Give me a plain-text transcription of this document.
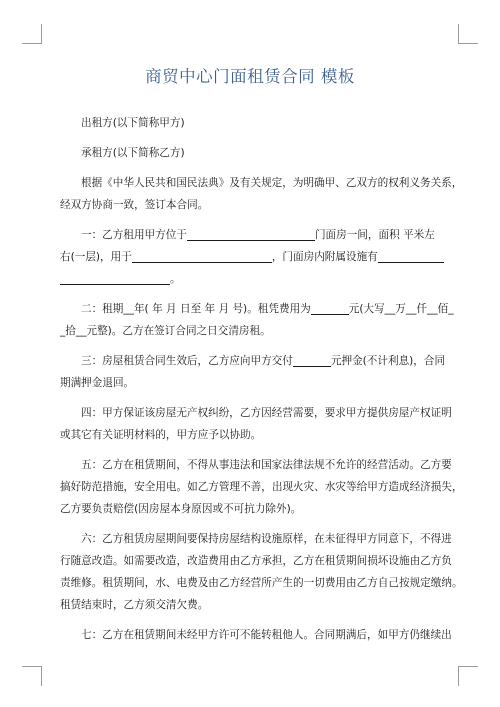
商贸中心门面租赁合同 模板
出租方(以下简称甲方)
承租方(以下简称乙方)
根据《中华人民共和国民法典》及有关规定，为明确甲、乙双方的权利义务关系，
经双方协商一致，签订本合同。
一：乙方租用甲方位于	门面房一间，面积 平米左
右(一层)，用于	，门面房内附属设施有
。
二：租期__年( 年 月 日至 年 月 号)。租凭费用为	元(大写__万__仟__佰_
_拾__元整)。乙方在签订合同之日交清房租。
三：房屋租赁合同生效后，乙方应向甲方交付	元押金(不计利息)，合同
期满押金退回。
四：甲方保证该房屋无产权纠纷，乙方因经营需要，要求甲方提供房屋产权证明
或其它有关证明材料的，甲方应予以协助。
五：乙方在租赁期间，不得从事违法和国家法律法规不允许的经营活动。乙方要
搞好防范措施，安全用电。如乙方管理不善，出现火灾、水灾等给甲方造成经济损失，
乙方要负责赔偿(因房屋本身原因或不可抗力除外)。
六：乙方租赁房屋期间要保持房屋结构设施原样，在未征得甲方同意下，不得进
行随意改造。如需要改造，改造费用由乙方承担，乙方在租赁期间损坏设施由乙方负
责维修。租赁期间，水、电费及由乙方经营所产生的一切费用由乙方自己按规定缴纳。
租赁结束时，乙方须交清欠费。
七：乙方在租赁期间未经甲方许可不能转租他人。合同期满后，如甲方仍继续出
